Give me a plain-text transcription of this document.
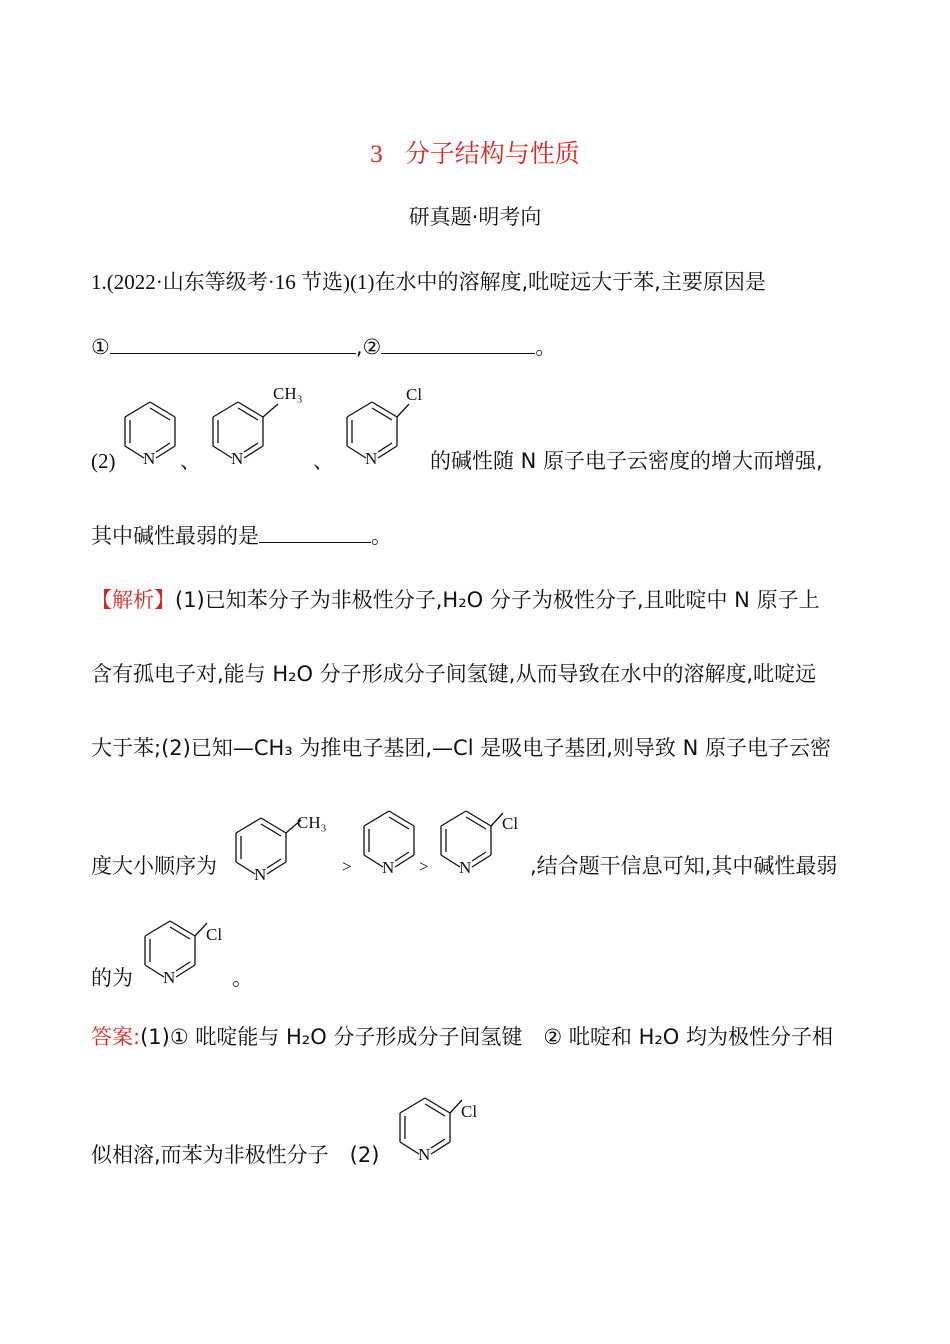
3 分子结构与性质
研真题·明考向
1.(2022·山东等级考·16 节选)(1)在水中的溶解度,吡啶远大于苯,主要原因是
①	,②	。
(2) N 、 N
CH₃
、 N
Cl
的碱性随 N 原子电子云密度的增大而增强,
其中碱性最弱的是	。
【解析】(1)已知苯分子为非极性分子,H₂O 分子为极性分子,且吡啶中 N 原子上
含有孤电子对,能与 H₂O 分子形成分子间氢键,从而导致在水中的溶解度,吡啶远
大于苯;(2)已知—CH₃ 为推电子基团,—Cl 是吸电子基团,则导致 N 原子电子云密
度大小顺序为 N
CH₃
> N > N
Cl
,结合题干信息可知,其中碱性最弱
的为 N
Cl
。
答案:(1)① 吡啶能与 H₂O 分子形成分子间氢键　② 吡啶和 H₂O 均为极性分子相
似相溶,而苯为非极性分子　(2) N
Cl
